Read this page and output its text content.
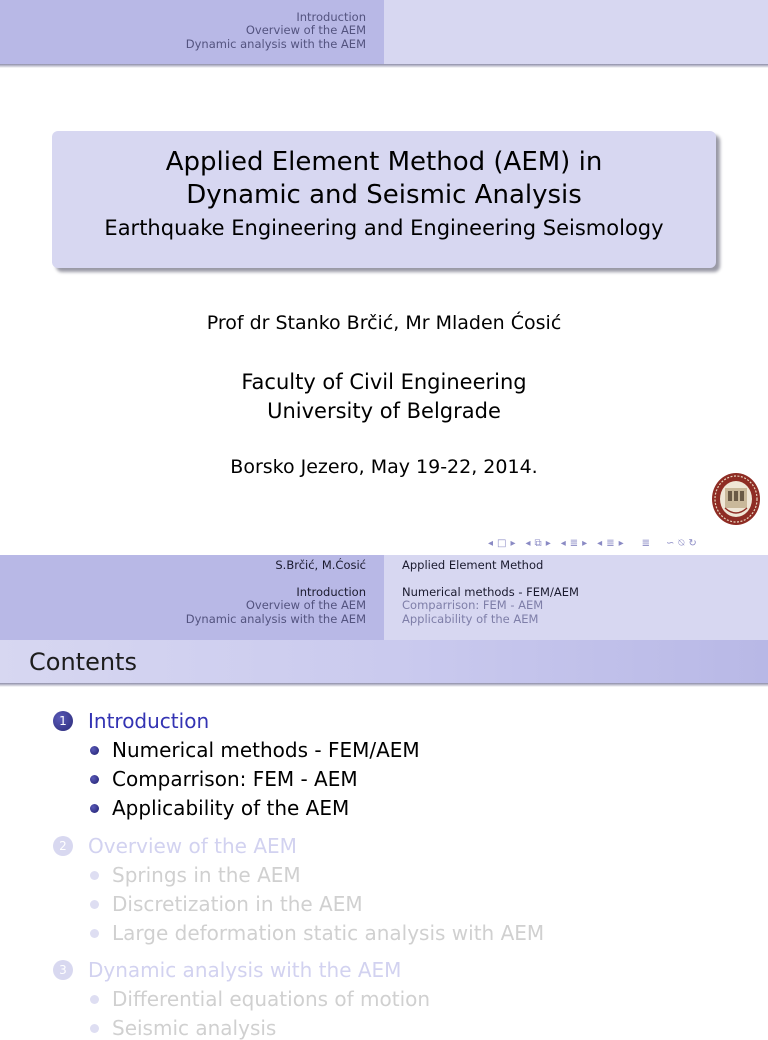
Introduction
Overview of the AEM
Dynamic analysis with the AEM
Applied Element Method (AEM) in
Dynamic and Seismic Analysis
Earthquake Engineering and Engineering Seismology
Prof dr Stanko Brčić, Mr Mladen Ćosić
Faculty of Civil Engineering
University of Belgrade
Borsko Jezero, May 19-22, 2014.
◂ □ ▸ ◂ ⧉ ▸ ◂ ≣ ▸ ◂ ≣ ▸ ≣ ∽ ⍉ ↻
S.Brčić, M.Ćosić	Applied Element Method
Introduction
Overview of the AEM
Dynamic analysis with the AEM
Numerical methods - FEM/AEM
Comparrison: FEM - AEM
Applicability of the AEM
Contents
1	Introduction
Numerical methods - FEM/AEM
Comparrison: FEM - AEM
Applicability of the AEM
2	Overview of the AEM
Springs in the AEM
Discretization in the AEM
Large deformation static analysis with AEM
3	Dynamic analysis with the AEM
Differential equations of motion
Seismic analysis
